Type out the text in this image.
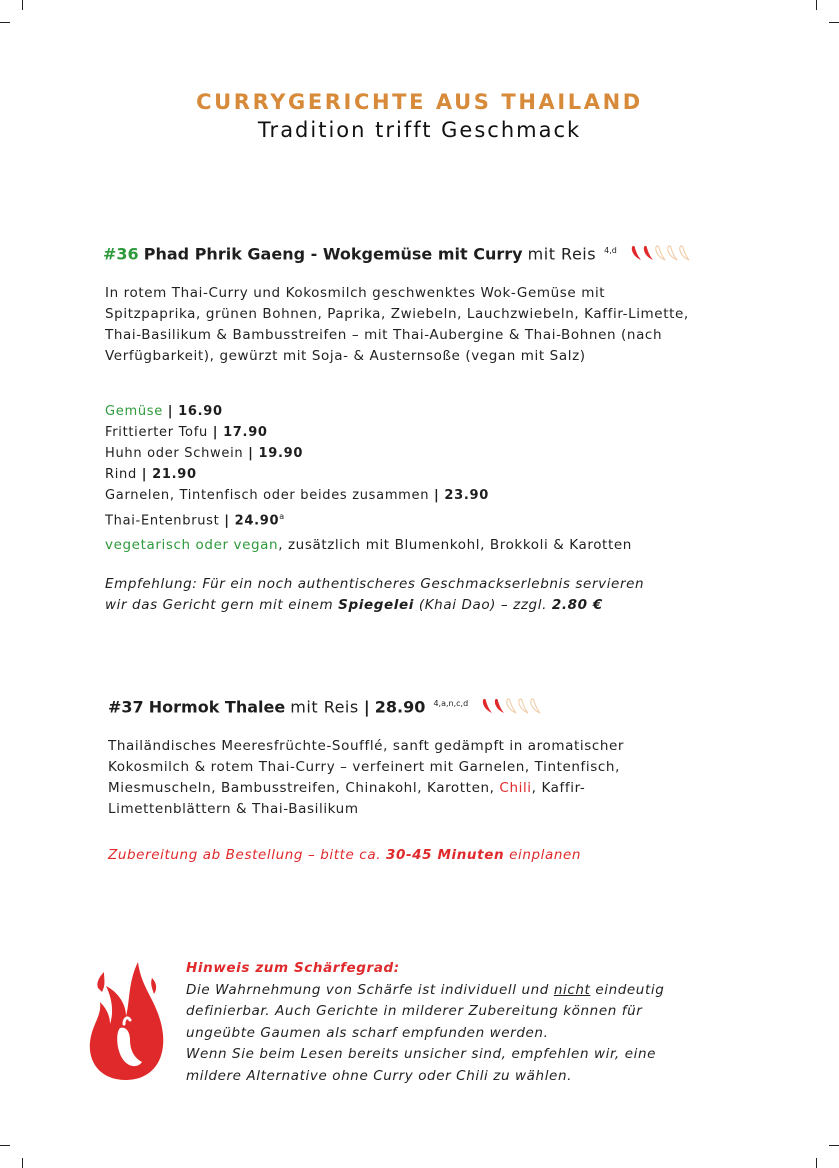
CURRYGERICHTE AUS THAILAND
Tradition trifft Geschmack
#36 Phad Phrik Gaeng - Wokgemüse mit Curry mit Reis $^{4,d}$
In rotem Thai-Curry und Kokosmilch geschwenktes Wok-Gemüse mit
Spitzpaprika, grünen Bohnen, Paprika, Zwiebeln, Lauchzwiebeln, Kaffir-Limette,
Thai-Basilikum & Bambusstreifen – mit Thai-Aubergine & Thai-Bohnen (nach
Verfügbarkeit), gewürzt mit Soja- & Austernsoße (vegan mit Salz)
Gemüse | 16.90
Frittierter Tofu | 17.90
Huhn oder Schwein | 19.90
Rind | 21.90
Garnelen, Tintenfisch oder beides zusammen | 23.90
Thai-Entenbrust | 24.90$^a$
vegetarisch oder vegan, zusätzlich mit Blumenkohl, Brokkoli & Karotten
Empfehlung: Für ein noch authentischeres Geschmackserlebnis servieren
wir das Gericht gern mit einem Spiegelei (Khai Dao) – zzgl. 2.80 €
#37 Hormok Thalee mit Reis | 28.90 $^{4,a,n,c,d}$
Thailändisches Meeresfrüchte-Soufflé, sanft gedämpft in aromatischer
Kokosmilch & rotem Thai-Curry – verfeinert mit Garnelen, Tintenfisch,
Miesmuscheln, Bambusstreifen, Chinakohl, Karotten, Chili, Kaffir-
Limettenblättern & Thai-Basilikum
Zubereitung ab Bestellung – bitte ca. 30-45 Minuten einplanen
Hinweis zum Schärfegrad:
Die Wahrnehmung von Schärfe ist individuell und nicht eindeutig
definierbar. Auch Gerichte in milderer Zubereitung können für
ungeübte Gaumen als scharf empfunden werden.
Wenn Sie beim Lesen bereits unsicher sind, empfehlen wir, eine
mildere Alternative ohne Curry oder Chili zu wählen.
